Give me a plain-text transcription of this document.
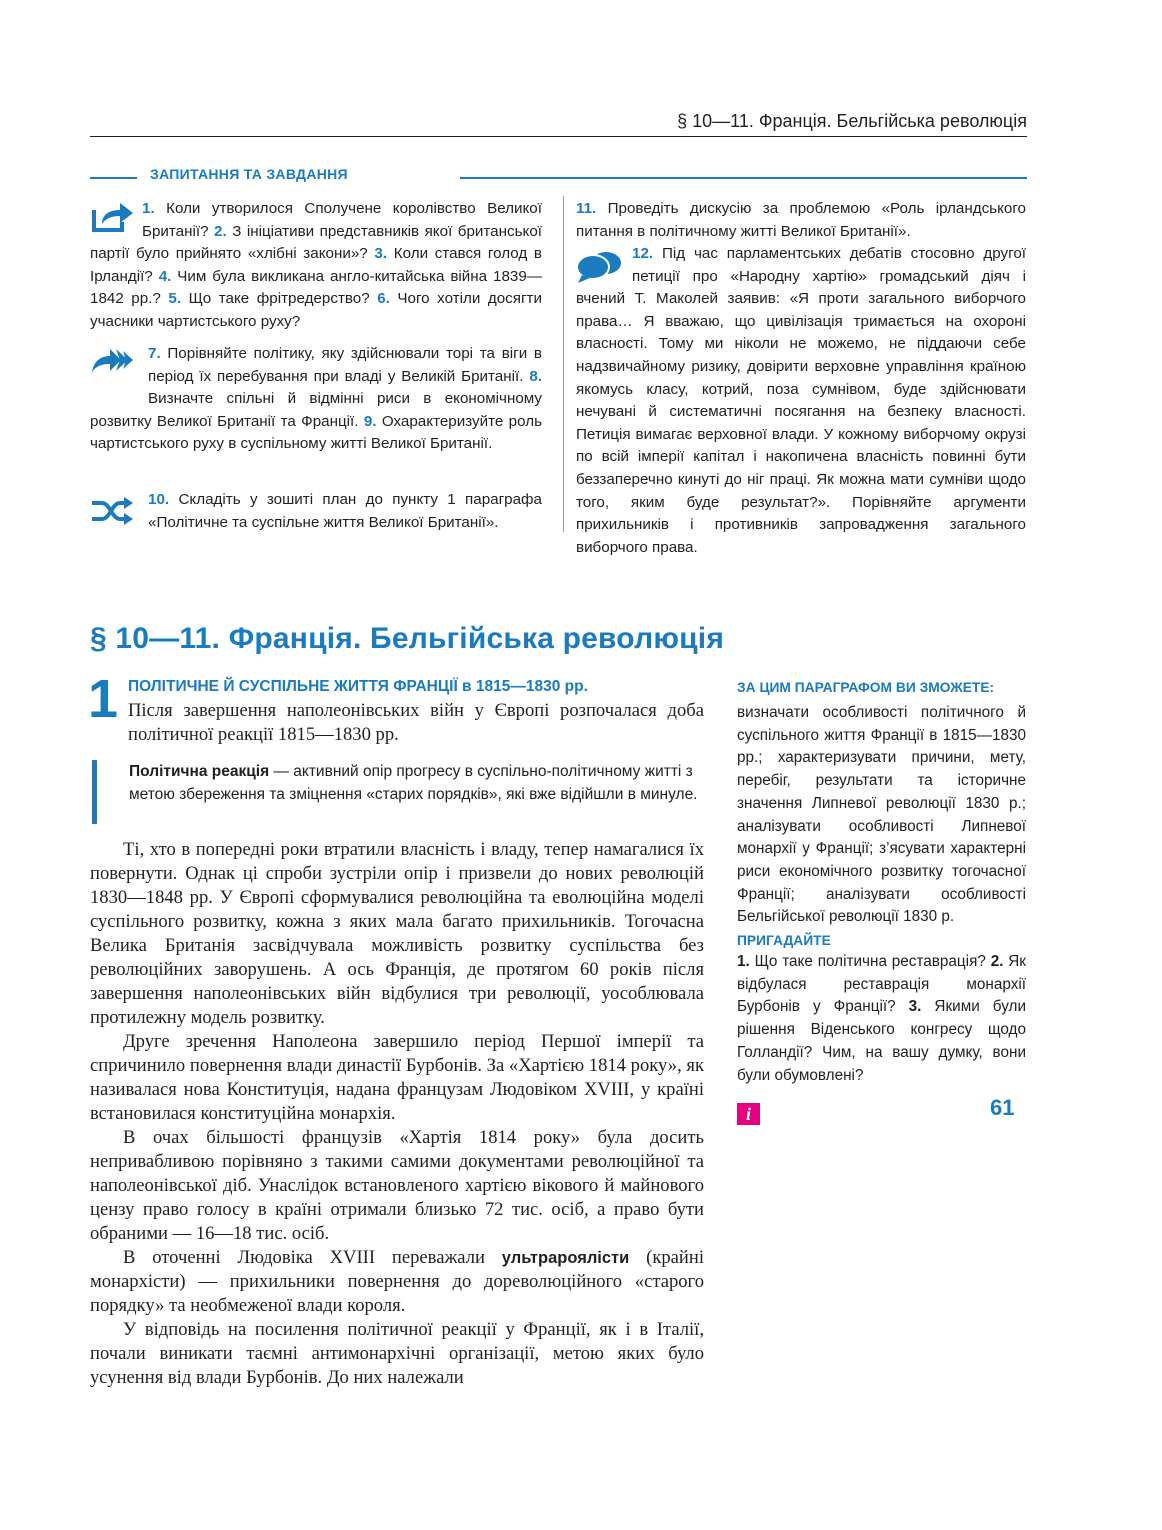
§ 10—11. Франція. Бельгійська революція
ЗАПИТАННЯ ТА ЗАВДАННЯ
1. Коли утворилося Сполучене королівство Великої Британії? 2. З ініціативи представників якої британської партії було прийнято «хлібні закони»? 3. Коли стався голод в Ірландії? 4. Чим була викликана англо-китайська війна 1839—1842 рр.? 5. Що таке фрітредерство? 6. Чого хотіли досягти учасники чартистського руху?
7. Порівняйте політику, яку здійснювали торі та віги в період їх перебування при владі у Великій Британії. 8. Визначте спільні й відмінні риси в економічному розвитку Великої Британії та Франції. 9. Охарактеризуйте роль чартистського руху в суспільному житті Великої Британії.
10. Складіть у зошиті план до пункту 1 параграфа «Політичне та суспільне життя Великої Британії».
11. Проведіть дискусію за проблемою «Роль ірландського питання в політичному житті Великої Британії».
12. Під час парламентських дебатів стосовно другої петиції про «Народну хартію» громадський діяч і вчений Т. Маколей заявив: «Я проти загального виборчого права… Я вважаю, що цивілізація тримається на охороні власності. Тому ми ніколи не можемо, не піддаючи себе надзвичайному ризику, довірити верховне управління країною якомусь класу, котрий, поза сумнівом, буде здійснювати нечувані й систематичні посягання на безпеку власності. Петиція вимагає верховної влади. У кожному виборчому окрузі по всій імперії капітал і накопичена власність повинні бути беззаперечно кинуті до ніг праці. Як можна мати сумніви щодо того, яким буде результат?». Порівняйте аргументи прихильників і противників запровадження загального виборчого права.
§ 10—11. Франція. Бельгійська революція
1 ПОЛІТИЧНЕ Й СУСПІЛЬНЕ ЖИТТЯ ФРАНЦІЇ в 1815—1830 рр.
Після завершення наполеонівських війн у Європі розпочалася доба політичної реакції 1815—1830 рр.
Політична реакція — активний опір прогресу в суспільно-політичному житті з метою збереження та зміцнення «старих порядків», які вже відійшли в минуле.

Ті, хто в попередні роки втратили власність і владу, тепер намагалися їх повернути. Однак ці спроби зустріли опір і призвели до нових революцій 1830—1848 рр. У Європі сформувалися революційна та еволюційна моделі суспільного розвитку, кожна з яких мала багато прихильників. Тогочасна Велика Британія засвідчувала можливість розвитку суспільства без революційних заворушень. А ось Франція, де протягом 60 років після завершення наполеонівських війн відбулися три революції, уособлювала протилежну модель розвитку.

Друге зречення Наполеона завершило період Першої імперії та спричинило повернення влади династії Бурбонів. За «Хартією 1814 року», як називалася нова Конституція, надана французам Людовіком XVIII, у країні встановилася конституційна монархія.

В очах більшості французів «Хартія 1814 року» була досить непривабливою порівняно з такими самими документами революційної та наполеонівської діб. Унаслідок встановленого хартією вікового й майнового цензу право голосу в країні отримали близько 72 тис. осіб, а право бути обраними — 16—18 тис. осіб.

В оточенні Людовіка XVIII переважали ультрароялісти (крайні монархісти) — прихильники повернення до дореволюційного «старого порядку» та необмеженої влади короля.

У відповідь на посилення політичної реакції у Франції, як і в Італії, почали виникати таємні антимонархічні організації, метою яких було усунення від влади Бурбонів. До них належали

ЗА ЦИМ ПАРАГРАФОМ ВИ ЗМОЖЕТЕ:
визначати особливості політичного й суспільного життя Франції в 1815—1830 рр.; характеризувати причини, мету, перебіг, результати та історичне значення Липневої революції 1830 р.; аналізувати особливості Липневої монархії у Франції; з’ясувати характерні риси економічного розвитку тогочасної Франції; аналізувати особливості Бельгійської революції 1830 р.
ПРИГАДАЙТЕ
1. Що таке політична реставрація? 2. Як відбулася реставрація монархії Бурбонів у Франції? 3. Якими були рішення Віденського конгресу щодо Голландії? Чим, на вашу думку, вони були обумовлені?
i	61
